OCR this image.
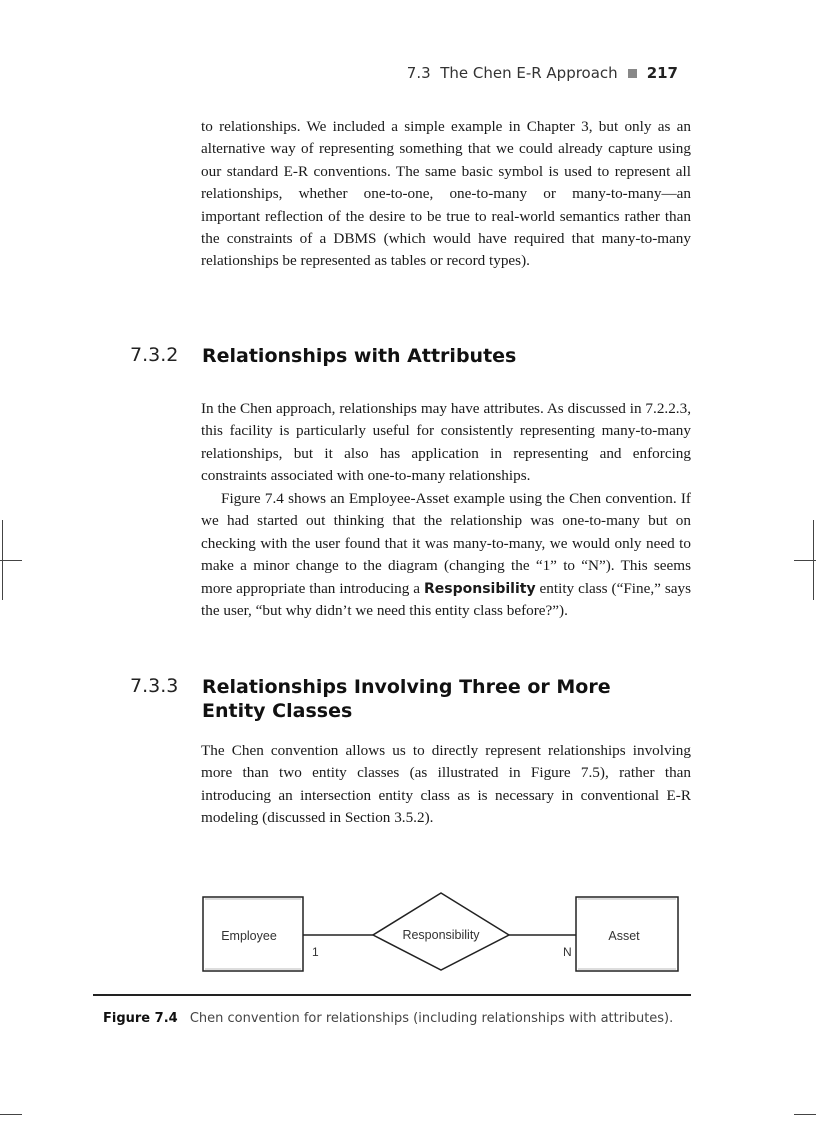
7.3  The Chen E-R Approach 217

to relationships. We included a simple example in Chapter 3, but only as an alternative way of representing something that we could already capture using our standard E-R conventions. The same basic symbol is used to represent all relationships, whether one-to-one, one-to-many or many-to-many—an important reflection of the desire to be true to real-world semantics rather than the constraints of a DBMS (which would have required that many-to-many relationships be represented as tables or record types).

7.3.2 Relationships with Attributes

In the Chen approach, relationships may have attributes. As discussed in 7.2.2.3, this facility is particularly useful for consistently representing many-to-many relationships, but it also has application in representing and enforcing constraints associated with one-to-many relationships.

Figure 7.4 shows an Employee-Asset example using the Chen convention. If we had started out thinking that the relationship was one-to-many but on checking with the user found that it was many-to-many, we would only need to make a minor change to the diagram (changing the “1” to “N”). This seems more appropriate than introducing a Responsibility entity class (“Fine,” says the user, “but why didn’t we need this entity class before?”).

7.3.3 Relationships Involving Three or More Entity Classes

The Chen convention allows us to directly represent relationships involving more than two entity classes (as illustrated in Figure 7.5), rather than introducing an intersection entity class as is necessary in conventional E-R modeling (discussed in Section 3.5.2).

Employee	Responsibility	Asset
1	N
Figure 7.4 Chen convention for relationships (including relationships with attributes).
